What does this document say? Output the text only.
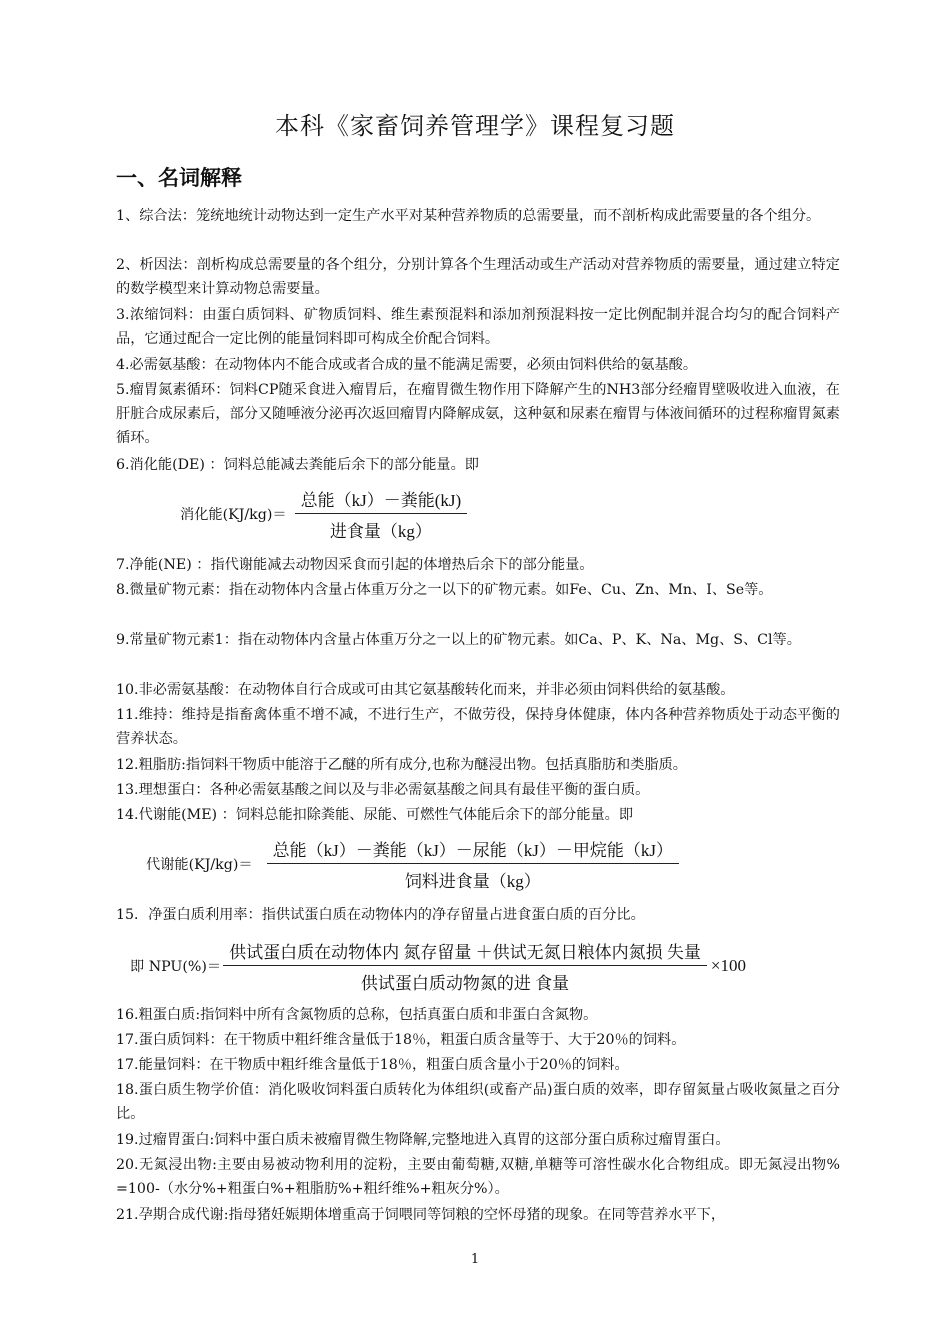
本科《家畜饲养管理学》课程复习题
一、名词解释
1、综合法：笼统地统计动物达到一定生产水平对某种营养物质的总需要量，而不剖析构成此需要量的各个组分。
2、析因法：剖析构成总需要量的各个组分，分别计算各个生理活动或生产活动对营养物质的需要量，通过建立特定的数学模型来计算动物总需要量。
3.浓缩饲料：由蛋白质饲料、矿物质饲料、维生素预混料和添加剂预混料按一定比例配制并混合均匀的配合饲料产品，它通过配合一定比例的能量饲料即可构成全价配合饲料。
4.必需氨基酸：在动物体内不能合成或者合成的量不能满足需要，必须由饲料供给的氨基酸。
5.瘤胃氮素循环：饲料CP随采食进入瘤胃后，在瘤胃微生物作用下降解产生的NH3部分经瘤胃壁吸收进入血液，在肝脏合成尿素后，部分又随唾液分泌再次返回瘤胃内降解成氨，这种氨和尿素在瘤胃与体液间循环的过程称瘤胃氮素循环。
6.消化能(DE) ：饲料总能减去粪能后余下的部分能量。即
消化能$(KJ/kg)= \frac{\text{总能（kJ）－粪能(kJ)}}{\text{进食量（kg）}}$
7.净能(NE) ：指代谢能减去动物因采食而引起的体增热后余下的部分能量。
8.微量矿物元素：指在动物体内含量占体重万分之一以下的矿物元素。如Fe、Cu、Zn、Mn、I、Se等。
9.常量矿物元素1：指在动物体内含量占体重万分之一以上的矿物元素。如Ca、P、K、Na、Mg、S、Cl等。
10.非必需氨基酸：在动物体自行合成或可由其它氨基酸转化而来，并非必须由饲料供给的氨基酸。
11.维持：维持是指畜禽体重不增不减，不进行生产，不做劳役，保持身体健康，体内各种营养物质处于动态平衡的营养状态。
12.粗脂肪:指饲料干物质中能溶于乙醚的所有成分,也称为醚浸出物。包括真脂肪和类脂质。
13.理想蛋白：各种必需氨基酸之间以及与非必需氨基酸之间具有最佳平衡的蛋白质。
14.代谢能(ME) ：饲料总能扣除粪能、尿能、可燃性气体能后余下的部分能量。即
代谢能$(KJ/kg)= \frac{\text{总能（kJ）－粪能（kJ）－尿能（kJ）－甲烷能（kJ）}}{\text{饲料进食量（kg）}}$
15．净蛋白质利用率：指供试蛋白质在动物体内的净存留量占进食蛋白质的百分比。
即 $NPU(\%)= \frac{\text{供试蛋白质在动物体内 氮存留量 ＋供试无氮日粮体内氮损 失量}}{\text{供试蛋白质动物氮的进 食量}} \times 100$
16.粗蛋白质:指饲料中所有含氮物质的总称，包括真蛋白质和非蛋白含氮物。
17.蛋白质饲料：在干物质中粗纤维含量低于18％，粗蛋白质含量等于、大于20％的饲料。
17.能量饲料：在干物质中粗纤维含量低于18％，粗蛋白质含量小于20％的饲料。
18.蛋白质生物学价值：消化吸收饲料蛋白质转化为体组织(或畜产品)蛋白质的效率，即存留氮量占吸收氮量之百分比。
19.过瘤胃蛋白:饲料中蛋白质未被瘤胃微生物降解,完整地进入真胃的这部分蛋白质称过瘤胃蛋白。
20.无氮浸出物:主要由易被动物利用的淀粉，主要由葡萄糖,双糖,单糖等可溶性碳水化合物组成。即无氮浸出物% =100-（水分%+粗蛋白%+粗脂肪%+粗纤维%+粗灰分%）。
21.孕期合成代谢:指母猪妊娠期体增重高于饲喂同等饲粮的空怀母猪的现象。在同等营养水平下，
1
